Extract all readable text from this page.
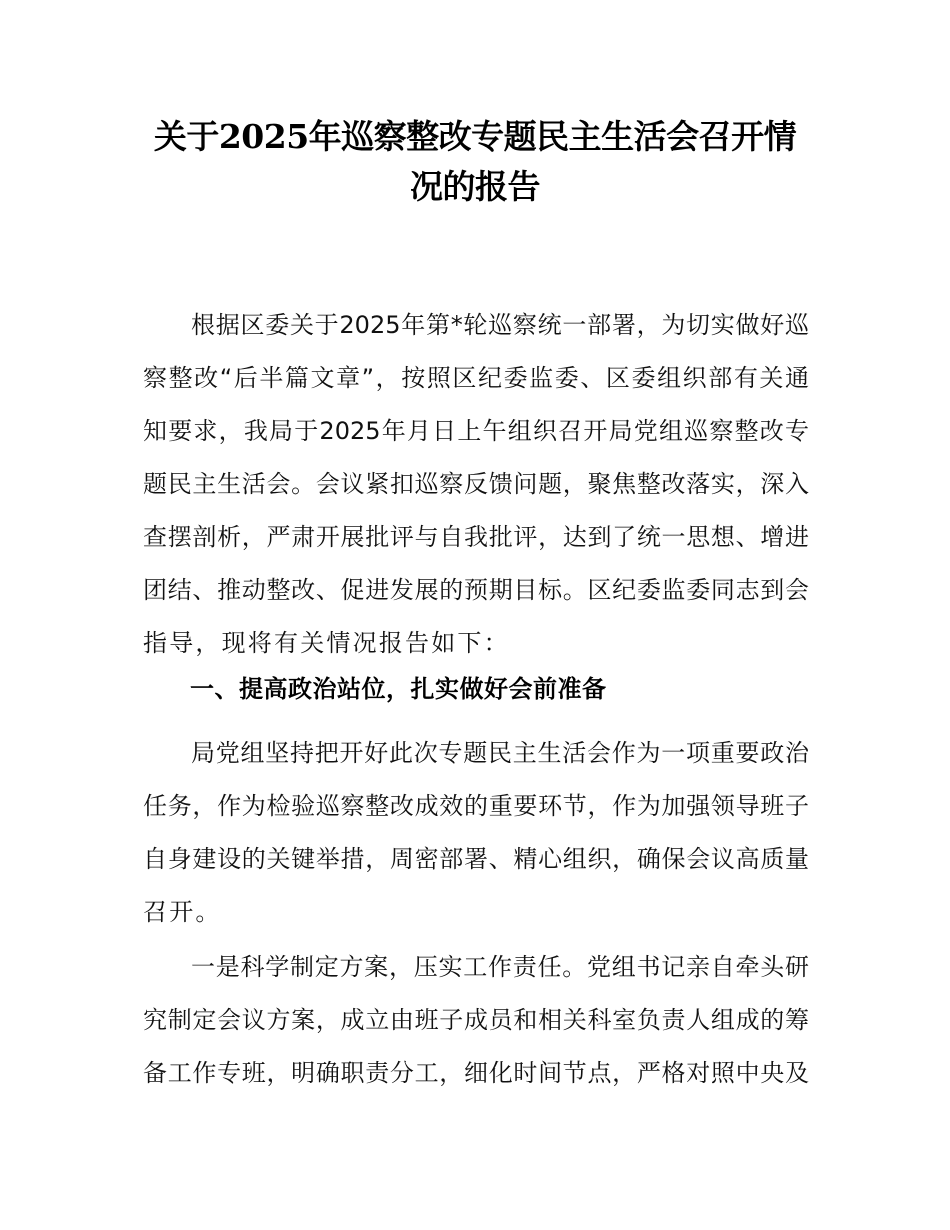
关于2025年巡察整改专题民主生活会召开情
况的报告
根据区委关于2025年第*轮巡察统一部署，为切实做好巡
察整改“后半篇文章”，按照区纪委监委、区委组织部有关通
知要求，我局于2025年月日上午组织召开局党组巡察整改专
题民主生活会。会议紧扣巡察反馈问题，聚焦整改落实，深入
查摆剖析，严肃开展批评与自我批评，达到了统一思想、增进
团结、推动整改、促进发展的预期目标。区纪委监委同志到会
指导，现将有关情况报告如下：
一、提高政治站位，扎实做好会前准备
局党组坚持把开好此次专题民主生活会作为一项重要政治
任务，作为检验巡察整改成效的重要环节，作为加强领导班子
自身建设的关键举措，周密部署、精心组织，确保会议高质量
召开。
一是科学制定方案，压实工作责任。党组书记亲自牵头研
究制定会议方案，成立由班子成员和相关科室负责人组成的筹
备工作专班，明确职责分工，细化时间节点，严格对照中央及
